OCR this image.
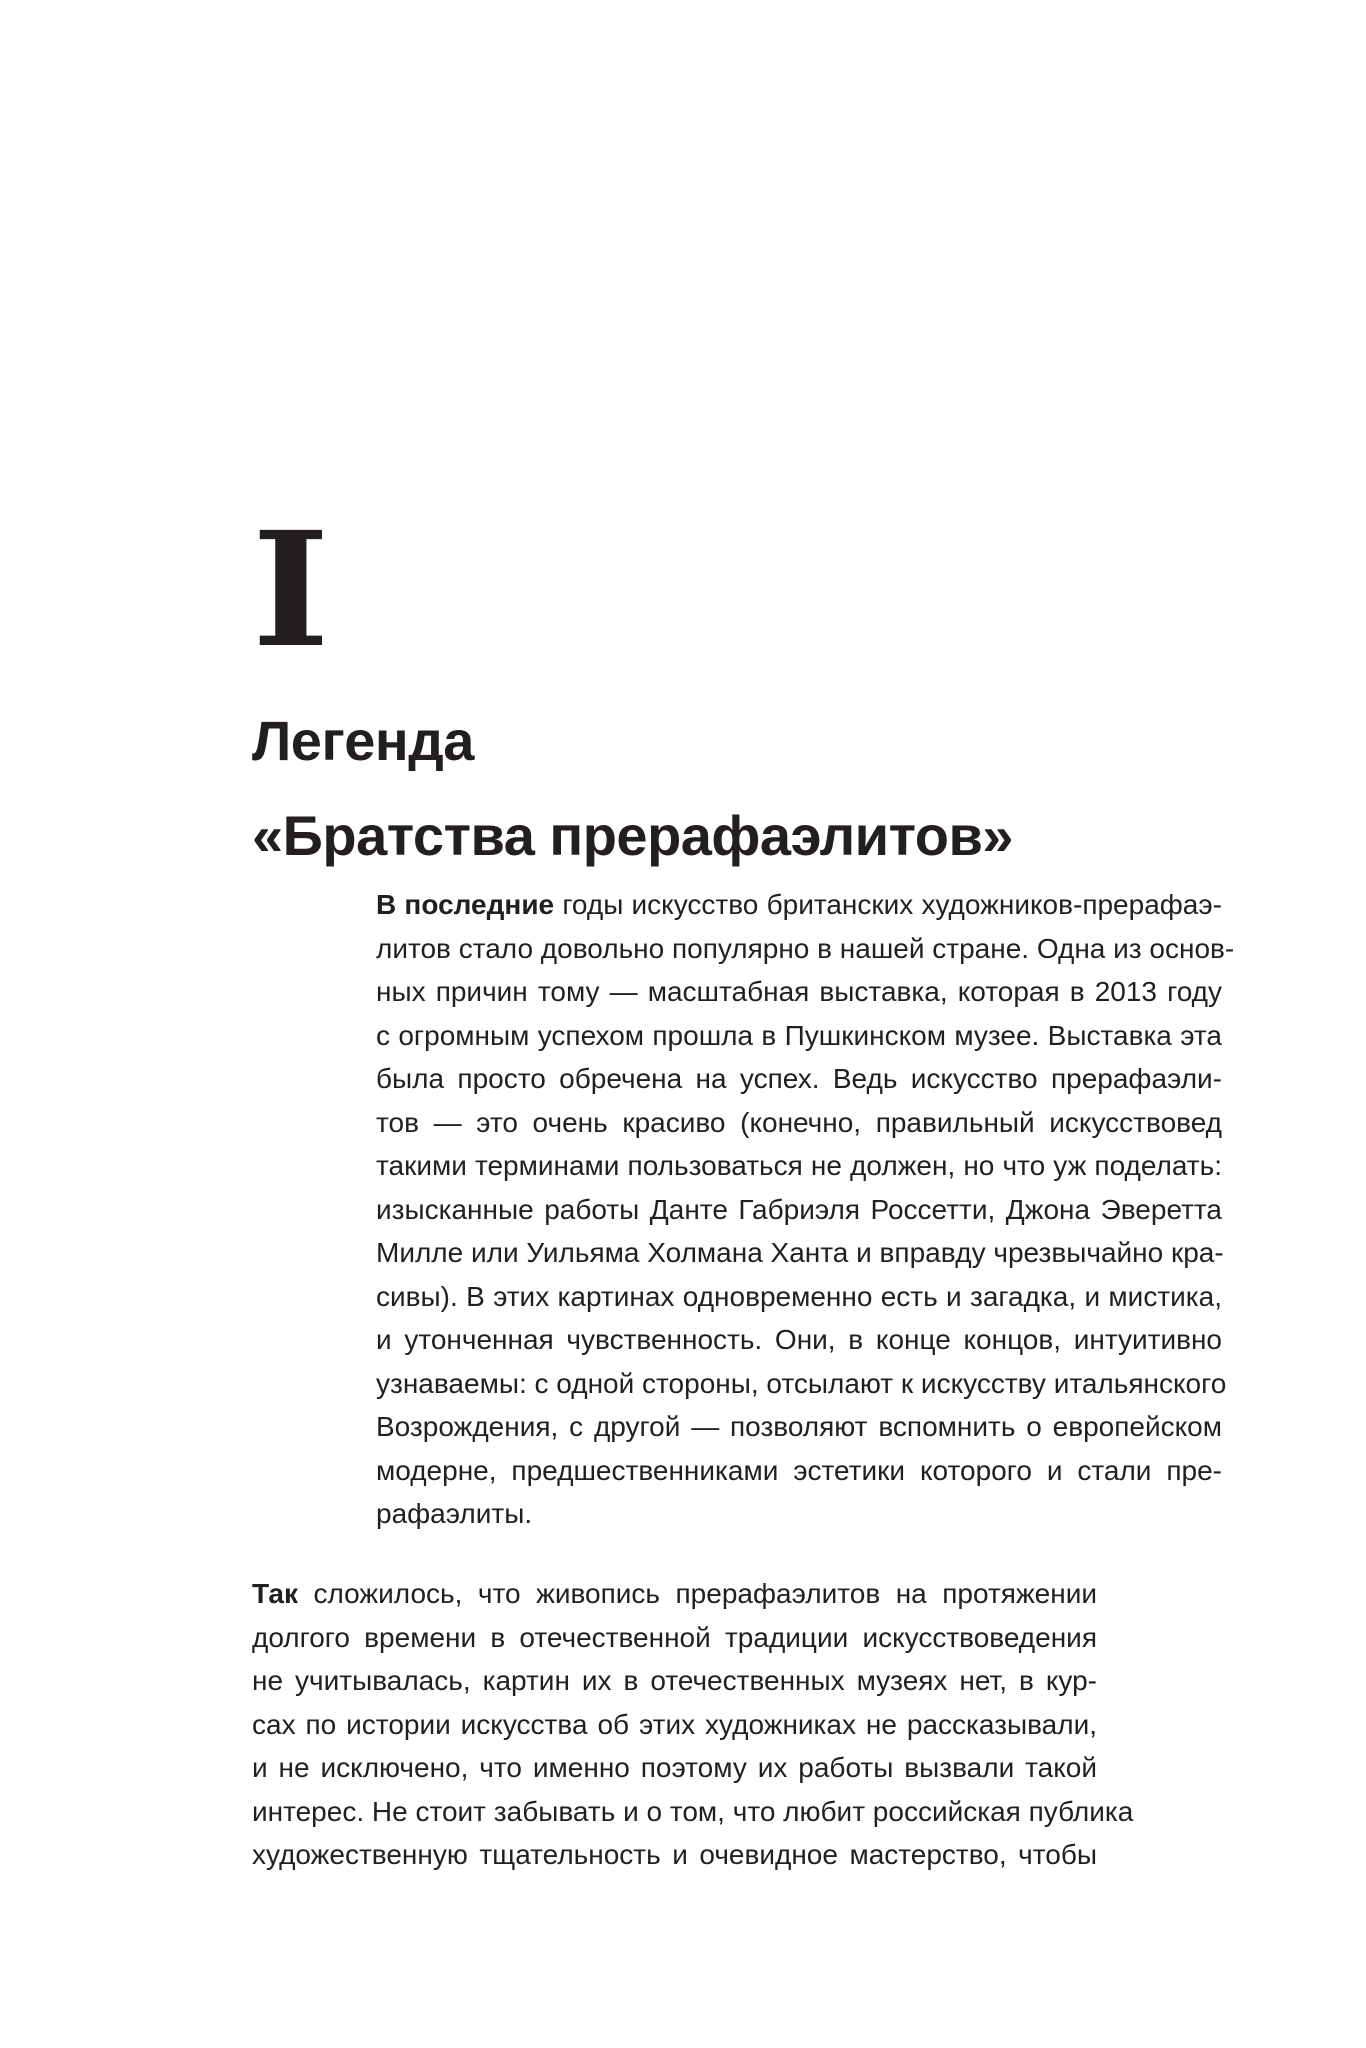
I
Легенда
«Братства прерафаэлитов»

В последние годы искусство британских художников-прерафаэ-
литов стало довольно популярно в нашей стране. Одна из основ-
ных причин тому — масштабная выставка, которая в 2013 году
с огромным успехом прошла в Пушкинском музее. Выставка эта
была просто обречена на успех. Ведь искусство прерафаэли-
тов — это очень красиво (конечно, правильный искусствовед
такими терминами пользоваться не должен, но что уж поделать:
изысканные работы Данте Габриэля Россетти, Джона Эверетта
Милле или Уильяма Холмана Ханта и вправду чрезвычайно кра-
сивы). В этих картинах одновременно есть и загадка, и мистика,
и утонченная чувственность. Они, в конце концов, интуитивно
узнаваемы: с одной стороны, отсылают к искусству итальянского
Возрождения, с другой — позволяют вспомнить о европейском
модерне, предшественниками эстетики которого и стали пре-
рафаэлиты.

Так сложилось, что живопись прерафаэлитов на протяжении
долгого времени в отечественной традиции искусствоведения
не учитывалась, картин их в отечественных музеях нет, в кур-
сах по истории искусства об этих художниках не рассказывали,
и не исключено, что именно поэтому их работы вызвали такой
интерес. Не стоит забывать и о том, что любит российская публика
художественную тщательность и очевидное мастерство, чтобы
